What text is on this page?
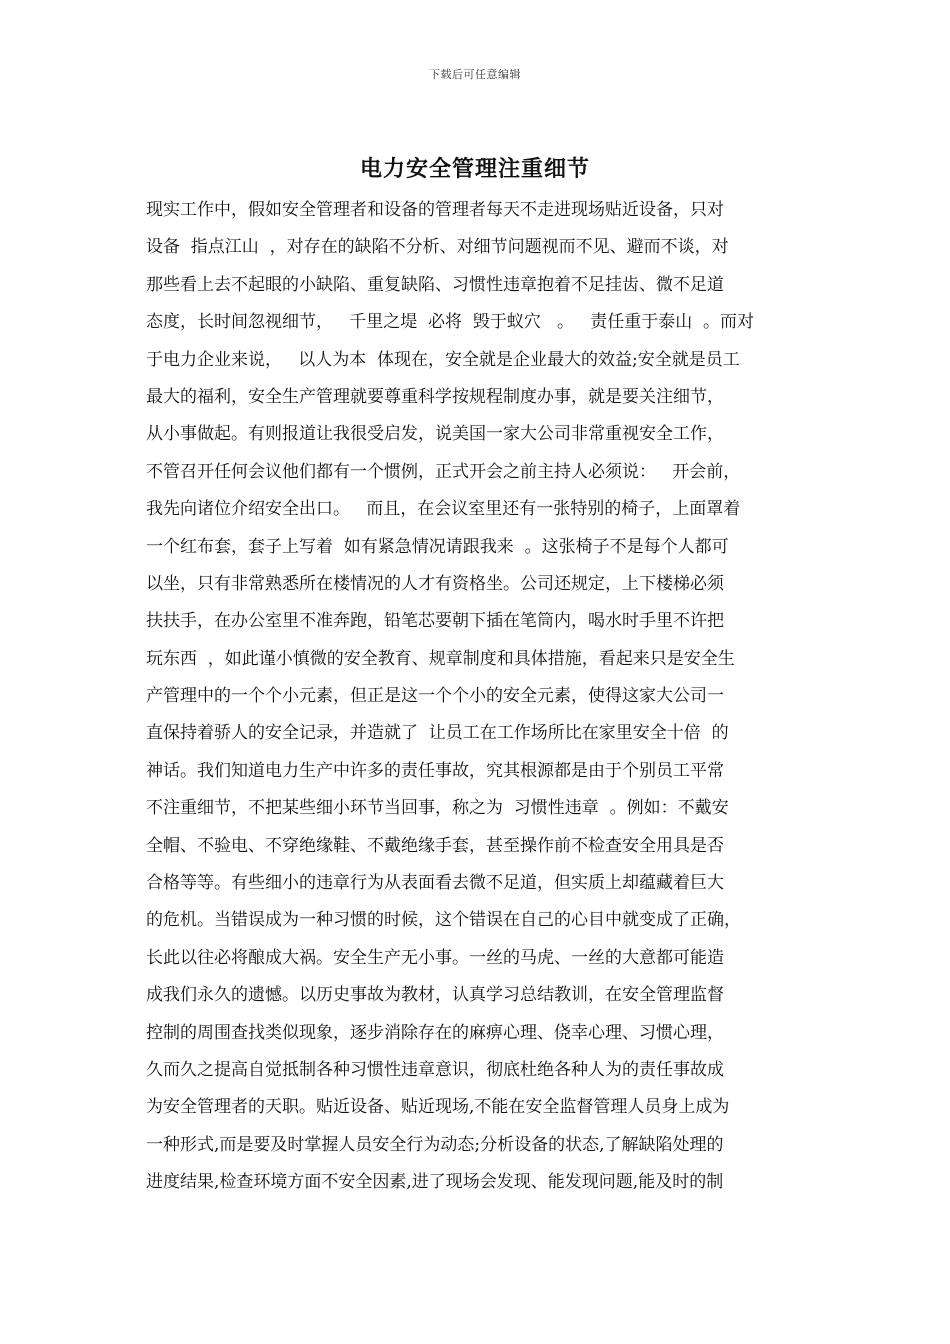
下载后可任意编辑
电力安全管理注重细节
现实工作中，假如安全管理者和设备的管理者每天不走进现场贴近设备，只对
设备  指点江山  ，对存在的缺陷不分析、对细节问题视而不见、避而不谈，对
那些看上去不起眼的小缺陷、重复缺陷、习惯性违章抱着不足挂齿、微不足道
态度，长时间忽视细节，   千里之堤  必将  毁于蚁穴   。   责任重于泰山  。而对
于电力企业来说，   以人为本  体现在，安全就是企业最大的效益;安全就是员工
最大的福利，安全生产管理就要尊重科学按规程制度办事，就是要关注细节，
从小事做起。有则报道让我很受启发，说美国一家大公司非常重视安全工作，
不管召开任何会议他们都有一个惯例，正式开会之前主持人必须说：   开会前，
我先向诸位介绍安全出口。   而且，在会议室里还有一张特别的椅子，上面罩着
一个红布套，套子上写着  如有紧急情况请跟我来  。这张椅子不是每个人都可
以坐，只有非常熟悉所在楼情况的人才有资格坐。公司还规定，上下楼梯必须
扶扶手，在办公室里不准奔跑，铅笔芯要朝下插在笔筒内，喝水时手里不许把
玩东西  ，如此谨小慎微的安全教育、规章制度和具体措施，看起来只是安全生
产管理中的一个个小元素，但正是这一个个小的安全元素，使得这家大公司一
直保持着骄人的安全记录，并造就了  让员工在工作场所比在家里安全十倍  的
神话。我们知道电力生产中许多的责任事故，究其根源都是由于个别员工平常
不注重细节，不把某些细小环节当回事，称之为  习惯性违章  。例如：不戴安
全帽、不验电、不穿绝缘鞋、不戴绝缘手套，甚至操作前不检查安全用具是否
合格等等。有些细小的违章行为从表面看去微不足道，但实质上却蕴藏着巨大
的危机。当错误成为一种习惯的时候，这个错误在自己的心目中就变成了正确，
长此以往必将酿成大祸。安全生产无小事。一丝的马虎、一丝的大意都可能造
成我们永久的遗憾。以历史事故为教材，认真学习总结教训，在安全管理监督
控制的周围查找类似现象，逐步消除存在的麻痹心理、侥幸心理、习惯心理，
久而久之提高自觉抵制各种习惯性违章意识，彻底杜绝各种人为的责任事故成
为安全管理者的天职。贴近设备、贴近现场,不能在安全监督管理人员身上成为
一种形式,而是要及时掌握人员安全行为动态;分析设备的状态,了解缺陷处理的
进度结果,检查环境方面不安全因素,进了现场会发现、能发现问题,能及时的制
